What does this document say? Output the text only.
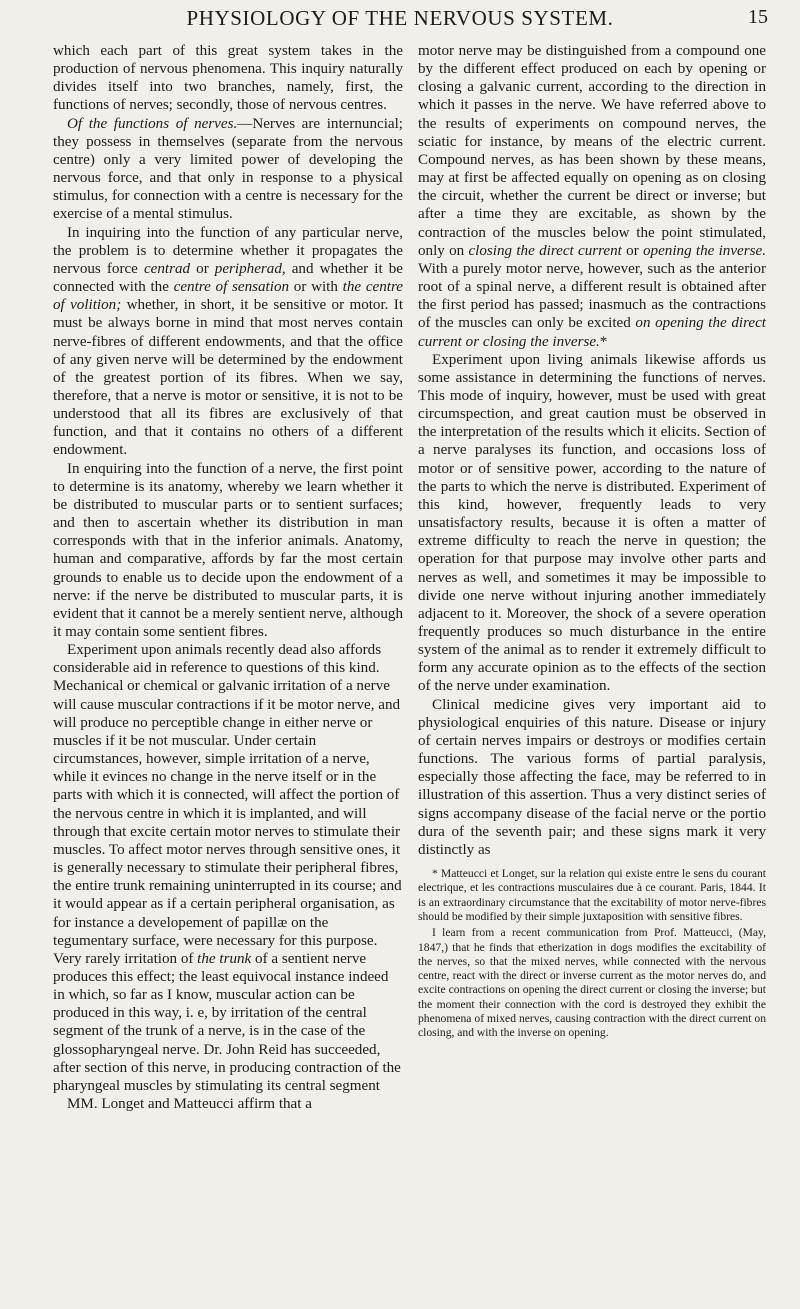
PHYSIOLOGY OF THE NERVOUS SYSTEM.	15

which each part of this great system takes in the production of nervous phenomena. This inquiry naturally divides itself into two branches, namely, first, the functions of nerves; secondly, those of nervous centres.

Of the functions of nerves.—Nerves are internuncial; they possess in themselves (separate from the nervous centre) only a very limited power of developing the nervous force, and that only in response to a physical stimulus, for connection with a centre is necessary for the exercise of a mental stimulus.

In inquiring into the function of any particular nerve, the problem is to determine whether it propagates the nervous force centrad or peripherad, and whether it be connected with the centre of sensation or with the centre of volition; whether, in short, it be sensitive or motor. It must be always borne in mind that most nerves contain nerve-fibres of different endowments, and that the office of any given nerve will be determined by the endowment of the greatest portion of its fibres. When we say, therefore, that a nerve is motor or sensitive, it is not to be understood that all its fibres are exclusively of that function, and that it contains no others of a different endowment.

In enquiring into the function of a nerve, the first point to determine is its anatomy, whereby we learn whether it be distributed to muscular parts or to sentient surfaces; and then to ascertain whether its distribution in man corresponds with that in the inferior animals. Anatomy, human and comparative, affords by far the most certain grounds to enable us to decide upon the endowment of a nerve: if the nerve be distributed to muscular parts, it is evident that it cannot be a merely sentient nerve, although it may contain some sentient fibres.

Experiment upon animals recently dead also affords considerable aid in reference to questions of this kind. Mechanical or chemical or galvanic irritation of a nerve will cause muscular contractions if it be motor nerve, and will produce no perceptible change in either nerve or muscles if it be not muscular. Under certain circumstances, however, simple irritation of a nerve, while it evinces no change in the nerve itself or in the parts with which it is connected, will affect the portion of the nervous centre in which it is implanted, and will through that excite certain motor nerves to stimulate their muscles. To affect motor nerves through sensitive ones, it is generally necessary to stimulate their peripheral fibres, the entire trunk remaining uninterrupted in its course; and it would appear as if a certain peripheral organisation, as for instance a developement of papillæ on the tegumentary surface, were necessary for this purpose. Very rarely irritation of the trunk of a sentient nerve produces this effect; the least equivocal instance indeed in which, so far as I know, muscular action can be produced in this way, i. e, by irritation of the central segment of the trunk of a nerve, is in the case of the glossopharyngeal nerve. Dr. John Reid has succeeded, after section of this nerve, in producing contraction of the pharyngeal muscles by stimulating its central segment

MM. Longet and Matteucci affirm that a

motor nerve may be distinguished from a compound one by the different effect produced on each by opening or closing a galvanic current, according to the direction in which it passes in the nerve. We have referred above to the results of experiments on compound nerves, the sciatic for instance, by means of the electric current. Compound nerves, as has been shown by these means, may at first be affected equally on opening as on closing the circuit, whether the current be direct or inverse; but after a time they are excitable, as shown by the contraction of the muscles below the point stimulated, only on closing the direct current or opening the inverse. With a purely motor nerve, however, such as the anterior root of a spinal nerve, a different result is obtained after the first period has passed; inasmuch as the contractions of the muscles can only be excited on opening the direct current or closing the inverse.*

Experiment upon living animals likewise affords us some assistance in determining the functions of nerves. This mode of inquiry, however, must be used with great circumspection, and great caution must be observed in the interpretation of the results which it elicits. Section of a nerve paralyses its function, and occasions loss of motor or of sensitive power, according to the nature of the parts to which the nerve is distributed. Experiment of this kind, however, frequently leads to very unsatisfactory results, because it is often a matter of extreme difficulty to reach the nerve in question; the operation for that purpose may involve other parts and nerves as well, and sometimes it may be impossible to divide one nerve without injuring another immediately adjacent to it. Moreover, the shock of a severe operation frequently produces so much disturbance in the entire system of the animal as to render it extremely difficult to form any accurate opinion as to the effects of the section of the nerve under examination.

Clinical medicine gives very important aid to physiological enquiries of this nature. Disease or injury of certain nerves impairs or destroys or modifies certain functions. The various forms of partial paralysis, especially those affecting the face, may be referred to in illustration of this assertion. Thus a very distinct series of signs accompany disease of the facial nerve or the portio dura of the seventh pair; and these signs mark it very distinctly as

* Matteucci et Longet, sur la relation qui existe entre le sens du courant electrique, et les contractions musculaires due à ce courant. Paris, 1844. It is an extraordinary circumstance that the excitability of motor nerve-fibres should be modified by their simple juxtaposition with sensitive fibres.

I learn from a recent communication from Prof. Matteucci, (May, 1847,) that he finds that etherization in dogs modifies the excitability of the nerves, so that the mixed nerves, while connected with the nervous centre, react with the direct or inverse current as the motor nerves do, and excite contractions on opening the direct current or closing the inverse; but the moment their connection with the cord is destroyed they exhibit the phenomena of mixed nerves, causing contraction with the direct current on closing, and with the inverse on opening.
